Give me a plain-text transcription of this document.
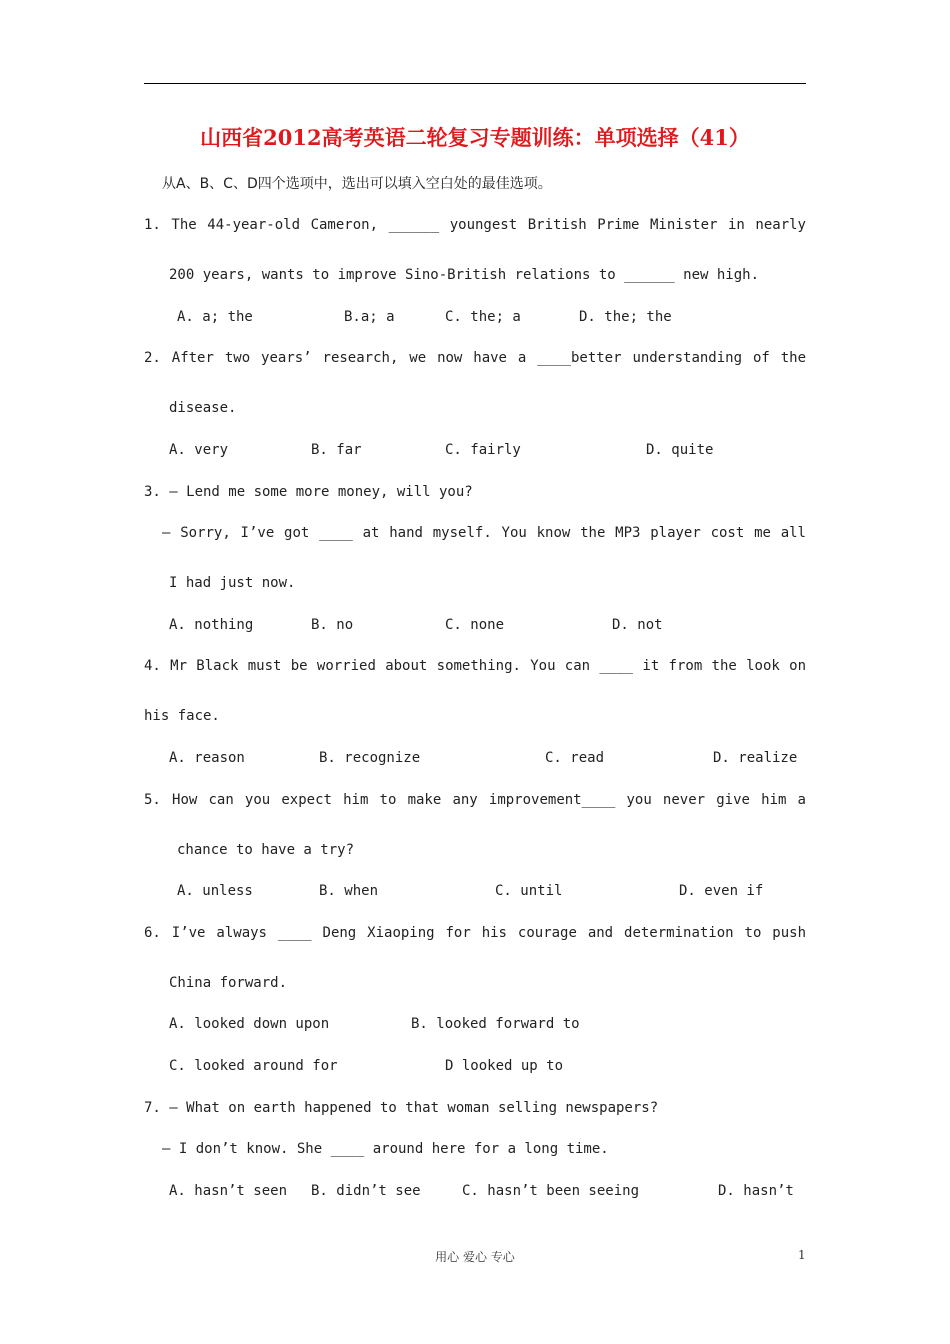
山西省2012高考英语二轮复习专题训练：单项选择（41）
从A、B、C、D四个选项中，选出可以填入空白处的最佳选项。
1. The 44-year-old Cameron, ______ youngest British Prime Minister in nearly
200 years, wants to improve Sino-British relations to ______ new high.

A. a; the

	B.a; a

	C. the; a

	D. the; the

2. After two years’ research, we now have a ____better understanding of the
disease.

A. very

	B. far

	C. fairly

	D. quite

3. — Lend me some more money, will you?
— Sorry, I’ve got ____ at hand myself. You know the MP3 player cost me all
I had just now.

A. nothing

	B. no

	C. none

	D. not

4. Mr Black must be worried about something. You can ____ it from the look on
his face.

A. reason

	B. recognize

	C. read

	D. realize

5. How can you expect him to make any improvement____ you never give him a
chance to have a try?

A. unless

	B. when

	C. until

	D. even if

6. I’ve always ____ Deng Xiaoping for his courage and determination to push
China forward.

A. looked down upon

	B. looked forward to

C. looked around for

	D looked up to

7. — What on earth happened to that woman selling newspapers?
— I don’t know. She ____ around here for a long time.

A. hasn’t seen

B. didn’t see

	C. hasn’t been seeing

	D. hasn’t

用心 爱心 专心	1
